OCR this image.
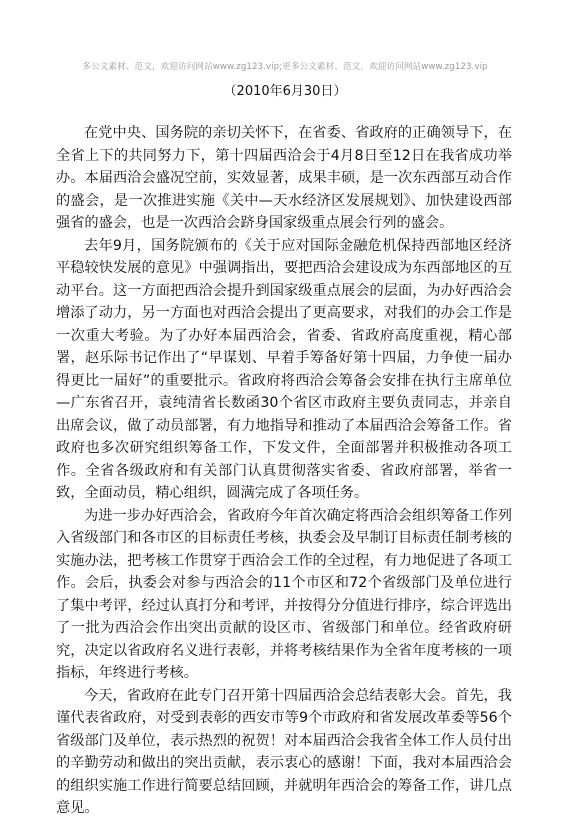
多公文素材、范文，欢迎访问网站www.zg123.vip;更多公文素材、范文，欢迎访问网站www.zg123.vip
（2010年6月30日）

在党中央、国务院的亲切关怀下，在省委、省政府的正确领导下，在全省上下的共同努力下，第十四届西洽会于4月8日至12日在我省成功举办。本届西洽会盛况空前，实效显著，成果丰硕，是一次东西部互动合作的盛会，是一次推进实施《关中—天水经济区发展规划》、加快建设西部强省的盛会，也是一次西洽会跻身国家级重点展会行列的盛会。

去年9月，国务院颁布的《关于应对国际金融危机保持西部地区经济平稳较快发展的意见》中强调指出，要把西洽会建设成为东西部地区的互动平台。这一方面把西洽会提升到国家级重点展会的层面，为办好西洽会增添了动力，另一方面也对西洽会提出了更高要求，对我们的办会工作是一次重大考验。为了办好本届西洽会，省委、省政府高度重视，精心部署，赵乐际书记作出了“早谋划、早着手筹备好第十四届，力争使一届办得更比一届好”的重要批示。省政府将西洽会筹备会安排在执行主席单位—广东省召开，袁纯清省长数函30个省区市政府主要负责同志，并亲自出席会议，做了动员部署，有力地指导和推动了本届西洽会筹备工作。省政府也多次研究组织筹备工作，下发文件，全面部署并积极推动各项工作。全省各级政府和有关部门认真贯彻落实省委、省政府部署，举省一致，全面动员，精心组织，圆满完成了各项任务。

为进一步办好西洽会，省政府今年首次确定将西洽会组织筹备工作列入省级部门和各市区的目标责任考核，执委会及早制订目标责任制考核的实施办法，把考核工作贯穿于西洽会工作的全过程，有力地促进了各项工作。会后，执委会对参与西洽会的11个市区和72个省级部门及单位进行了集中考评，经过认真打分和考评，并按得分分值进行排序，综合评选出了一批为西洽会作出突出贡献的设区市、省级部门和单位。经省政府研究，决定以省政府名义进行表彰，并将考核结果作为全省年度考核的一项指标，年终进行考核。

今天，省政府在此专门召开第十四届西洽会总结表彰大会。首先，我谨代表省政府，对受到表彰的西安市等9个市政府和省发展改革委等56个省级部门及单位，表示热烈的祝贺！对本届西洽会我省全体工作人员付出的辛勤劳动和做出的突出贡献，表示衷心的感谢！下面，我对本届西洽会的组织实施工作进行简要总结回顾，并就明年西洽会的筹备工作，讲几点意见。
